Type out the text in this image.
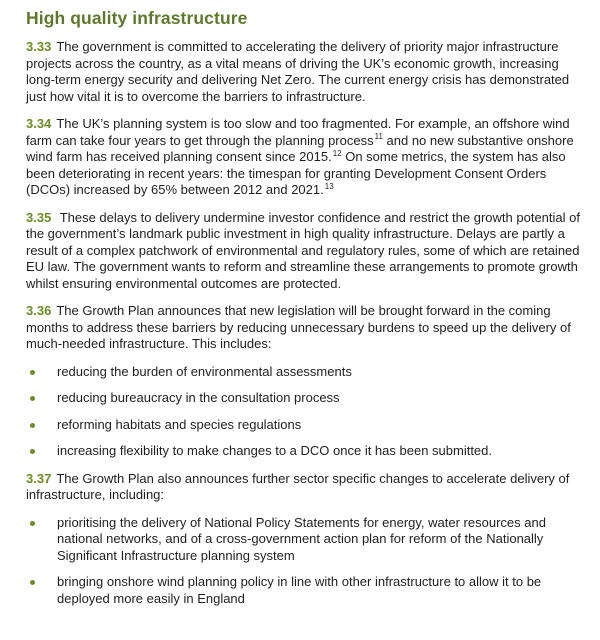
High quality infrastructure

3.33 The government is committed to accelerating the delivery of priority major infrastructure projects across the country, as a vital means of driving the UK’s economic growth, increasing long-term energy security and delivering Net Zero. The current energy crisis has demonstrated just how vital it is to overcome the barriers to infrastructure.

3.34 The UK’s planning system is too slow and too fragmented. For example, an offshore wind farm can take four years to get through the planning process$^{11}$ and no new substantive onshore wind farm has received planning consent since 2015.12 On some metrics, the system has also been deteriorating in recent years: the timespan for granting Development Consent Orders (DCOs) increased by 65% between 2012 and 2021.13

3.35 These delays to delivery undermine investor confidence and restrict the growth potential of the government’s landmark public investment in high quality infrastructure. Delays are partly a result of a complex patchwork of environmental and regulatory rules, some of which are retained EU law. The government wants to reform and streamline these arrangements to promote growth whilst ensuring environmental outcomes are protected.

3.36 The Growth Plan announces that new legislation will be brought forward in the coming months to address these barriers by reducing unnecessary burdens to speed up the delivery of much-needed infrastructure. This includes:

reducing the burden of environmental assessments
reducing bureaucracy in the consultation process
reforming habitats and species regulations
increasing flexibility to make changes to a DCO once it has been submitted.

3.37 The Growth Plan also announces further sector specific changes to accelerate delivery of infrastructure, including:

prioritising the delivery of National Policy Statements for energy, water resources and national networks, and of a cross-government action plan for reform of the Nationally Significant Infrastructure planning system
bringing onshore wind planning policy in line with other infrastructure to allow it to be deployed more easily in England
